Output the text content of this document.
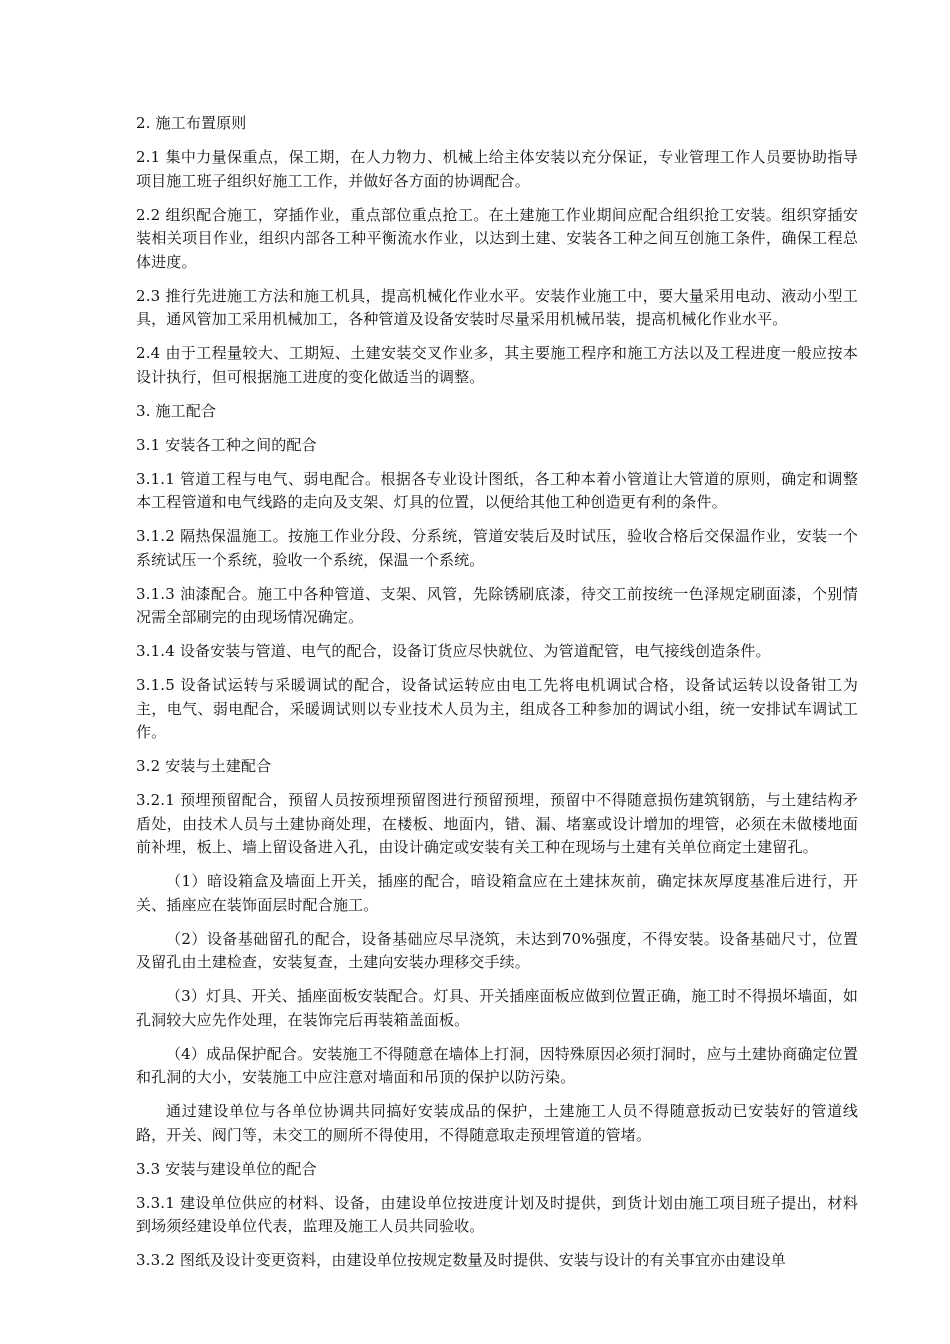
2. 施工布置原则

2.1 集中力量保重点，保工期，在人力物力、机械上给主体安装以充分保证，专业管理工作人员要协助指导项目施工班子组织好施工工作，并做好各方面的协调配合。

2.2 组织配合施工，穿插作业，重点部位重点抢工。在土建施工作业期间应配合组织抢工安装。组织穿插安装相关项目作业，组织内部各工种平衡流水作业，以达到土建、安装各工种之间互创施工条件，确保工程总体进度。

2.3 推行先进施工方法和施工机具，提高机械化作业水平。安装作业施工中，要大量采用电动、液动小型工具，通风管加工采用机械加工，各种管道及设备安装时尽量采用机械吊装，提高机械化作业水平。

2.4 由于工程量较大、工期短、土建安装交叉作业多，其主要施工程序和施工方法以及工程进度一般应按本设计执行，但可根据施工进度的变化做适当的调整。

3. 施工配合

3.1 安装各工种之间的配合

3.1.1 管道工程与电气、弱电配合。根据各专业设计图纸，各工种本着小管道让大管道的原则，确定和调整本工程管道和电气线路的走向及支架、灯具的位置，以便给其他工种创造更有利的条件。

3.1.2 隔热保温施工。按施工作业分段、分系统，管道安装后及时试压，验收合格后交保温作业，安装一个系统试压一个系统，验收一个系统，保温一个系统。

3.1.3 油漆配合。施工中各种管道、支架、风管，先除锈刷底漆，待交工前按统一色泽规定刷面漆，个别情况需全部刷完的由现场情况确定。

3.1.4 设备安装与管道、电气的配合，设备订货应尽快就位、为管道配管，电气接线创造条件。

3.1.5 设备试运转与采暖调试的配合，设备试运转应由电工先将电机调试合格，设备试运转以设备钳工为主，电气、弱电配合，采暖调试则以专业技术人员为主，组成各工种参加的调试小组，统一安排试车调试工作。

3.2 安装与土建配合

3.2.1 预埋预留配合，预留人员按预埋预留图进行预留预埋，预留中不得随意损伤建筑钢筋，与土建结构矛盾处，由技术人员与土建协商处理，在楼板、地面内，错、漏、堵塞或设计增加的埋管，必须在未做楼地面前补埋，板上、墙上留设备进入孔，由设计确定或安装有关工种在现场与土建有关单位商定土建留孔。

（1）暗设箱盒及墙面上开关，插座的配合，暗设箱盒应在土建抹灰前，确定抹灰厚度基准后进行，开关、插座应在装饰面层时配合施工。

（2）设备基础留孔的配合，设备基础应尽早浇筑，未达到70%强度，不得安装。设备基础尺寸，位置及留孔由土建检查，安装复查，土建向安装办理移交手续。

（3）灯具、开关、插座面板安装配合。灯具、开关插座面板应做到位置正确，施工时不得损坏墙面，如孔洞较大应先作处理，在装饰完后再装箱盖面板。

（4）成品保护配合。安装施工不得随意在墙体上打洞，因特殊原因必须打洞时，应与土建协商确定位置和孔洞的大小，安装施工中应注意对墙面和吊顶的保护以防污染。

通过建设单位与各单位协调共同搞好安装成品的保护，土建施工人员不得随意扳动已安装好的管道线路，开关、阀门等，未交工的厕所不得使用，不得随意取走预埋管道的管堵。

3.3 安装与建设单位的配合

3.3.1 建设单位供应的材料、设备，由建设单位按进度计划及时提供，到货计划由施工项目班子提出，材料到场须经建设单位代表，监理及施工人员共同验收。

3.3.2 图纸及设计变更资料，由建设单位按规定数量及时提供、安装与设计的有关事宜亦由建设单
